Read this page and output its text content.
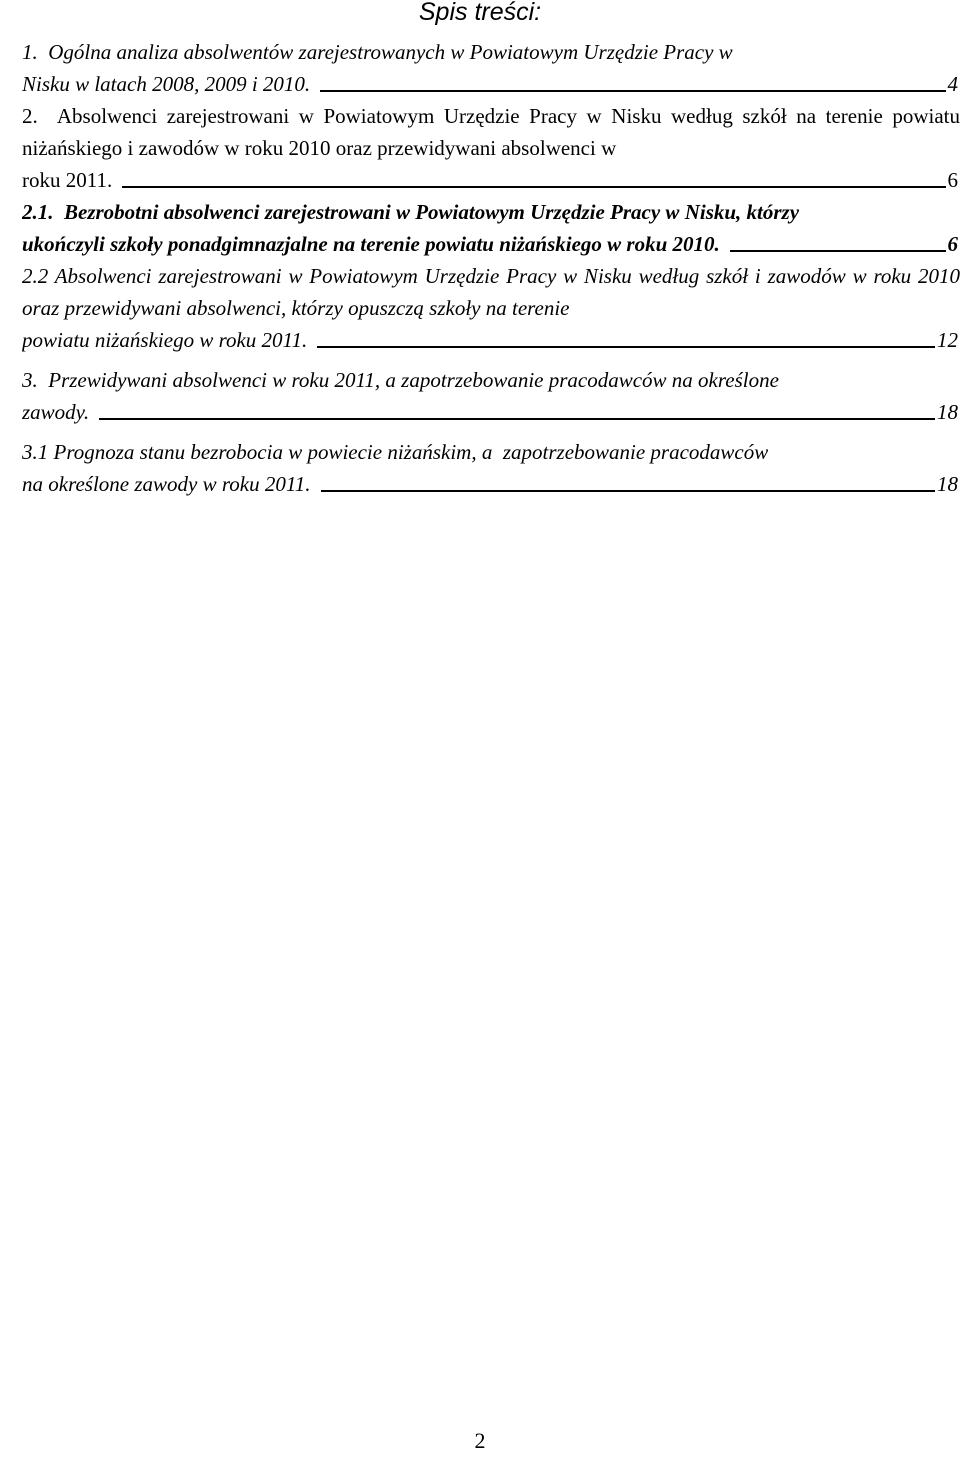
Spis treści:
1.  Ogólna analiza absolwentów zarejestrowanych w Powiatowym Urzędzie Pracy w
Nisku w latach 2008, 2009 i 2010.	4
2.  Absolwenci zarejestrowani w Powiatowym Urzędzie Pracy w Nisku według szkół na terenie powiatu niżańskiego i zawodów w roku 2010 oraz przewidywani absolwenci w
roku 2011.	6
2.1.  Bezrobotni absolwenci zarejestrowani w Powiatowym Urzędzie Pracy w Nisku, którzy
ukończyli szkoły ponadgimnazjalne na terenie powiatu niżańskiego w roku 2010.	6
2.2 Absolwenci zarejestrowani w Powiatowym Urzędzie Pracy w Nisku według szkół i zawodów w roku 2010 oraz przewidywani absolwenci, którzy opuszczą szkoły na terenie
powiatu niżańskiego w roku 2011.	12
3.  Przewidywani absolwenci w roku 2011, a zapotrzebowanie pracodawców na określone
zawody.	18
3.1 Prognoza stanu bezrobocia w powiecie niżańskim, a  zapotrzebowanie pracodawców
na określone zawody w roku 2011.	18
2
